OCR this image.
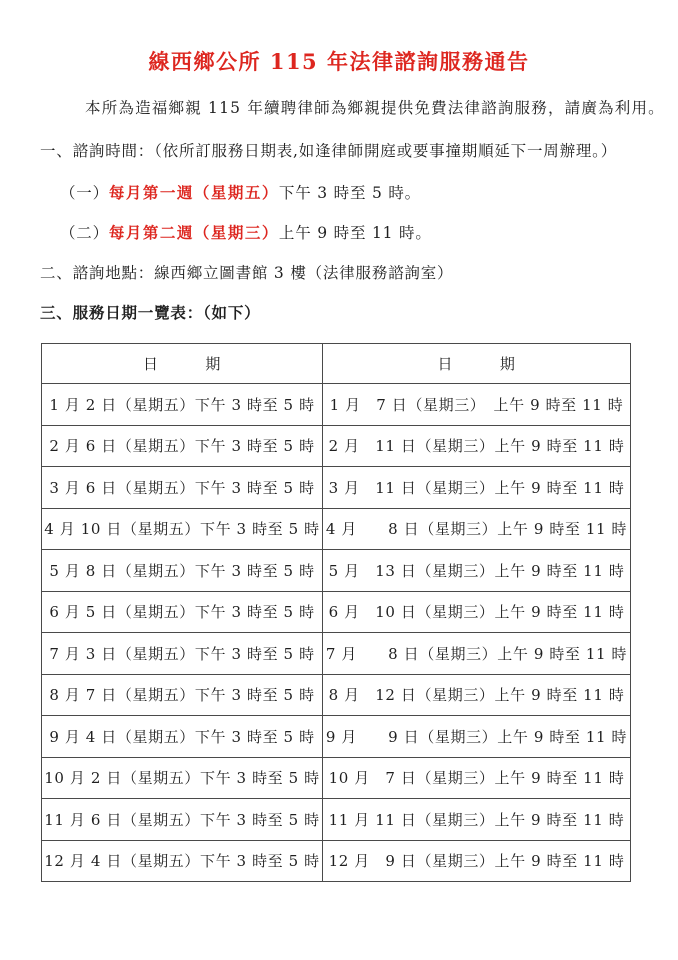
線西鄉公所 115 年法律諮詢服務通告

本所為造福鄉親 115 年續聘律師為鄉親提供免費法律諮詢服務，請廣為利用。

一、諮詢時間：（依所訂服務日期表,如逢律師開庭或要事撞期順延下一周辦理。）

（一）每月第一週（星期五）下午 3 時至 5 時。

（二）每月第二週（星期三）上午 9 時至 11 時。

二、諮詢地點：線西鄉立圖書館 3 樓（法律服務諮詢室）

三、服務日期一覽表：（如下）

日　　　期	日　　　期
1 月 2 日（星期五）下午 3 時至 5 時	1 月　7 日（星期三）　上午 9 時至 11 時
2 月 6 日（星期五）下午 3 時至 5 時	2 月　11 日（星期三）上午 9 時至 11 時
3 月 6 日（星期五）下午 3 時至 5 時	3 月　11 日（星期三）上午 9 時至 11 時
4 月 10 日（星期五）下午 3 時至 5 時	4 月　　8 日（星期三）上午 9 時至 11 時
5 月 8 日（星期五）下午 3 時至 5 時	5 月　13 日（星期三）上午 9 時至 11 時
6 月 5 日（星期五）下午 3 時至 5 時	6 月　10 日（星期三）上午 9 時至 11 時
7 月 3 日（星期五）下午 3 時至 5 時	7 月　　8 日（星期三）上午 9 時至 11 時
8 月 7 日（星期五）下午 3 時至 5 時	8 月　12 日（星期三）上午 9 時至 11 時
9 月 4 日（星期五）下午 3 時至 5 時	9 月　　9 日（星期三）上午 9 時至 11 時
10 月 2 日（星期五）下午 3 時至 5 時	10 月　7 日（星期三）上午 9 時至 11 時
11 月 6 日（星期五）下午 3 時至 5 時	11 月 11 日（星期三）上午 9 時至 11 時
12 月 4 日（星期五）下午 3 時至 5 時	12 月　9 日（星期三）上午 9 時至 11 時
